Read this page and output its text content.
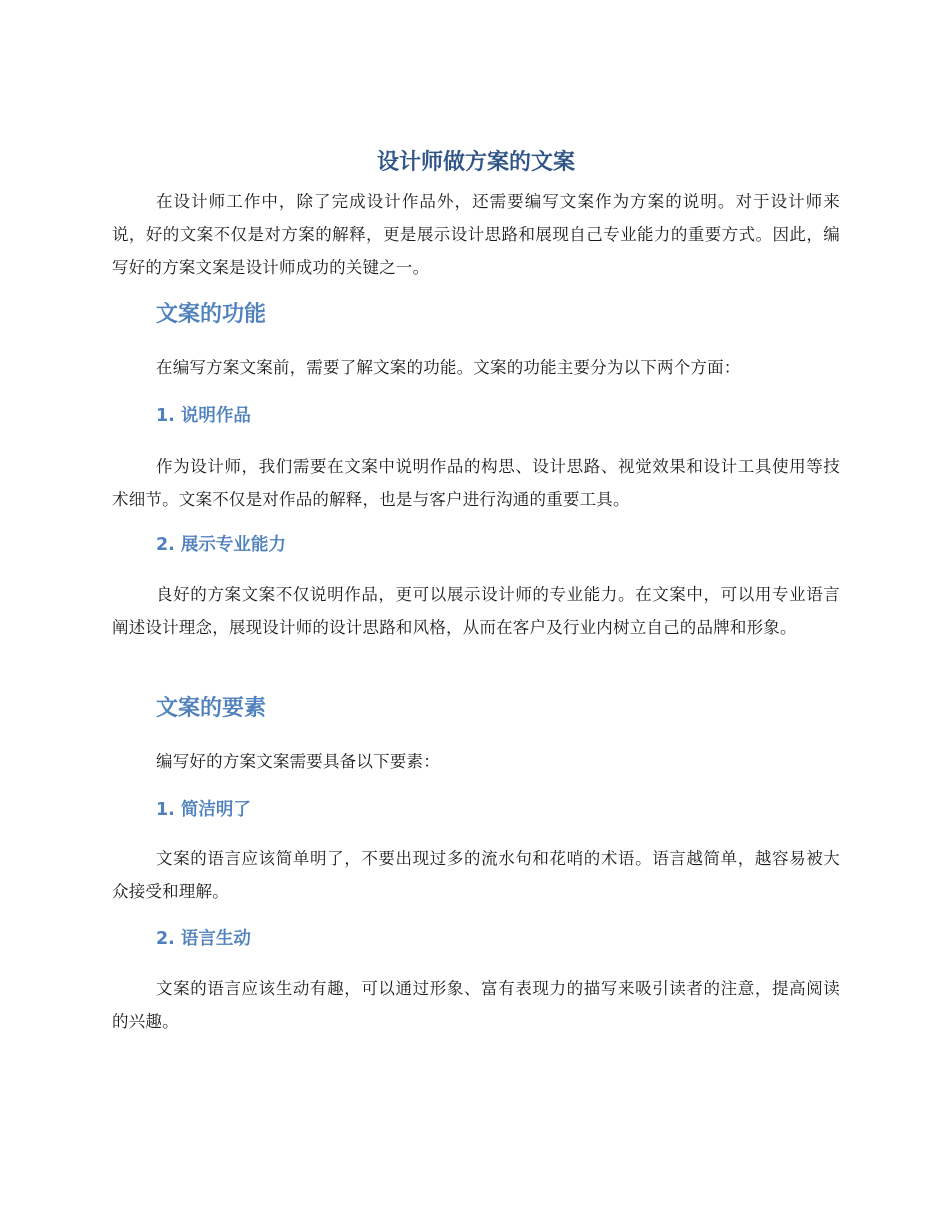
设计师做方案的文案

在设计师工作中，除了完成设计作品外，还需要编写文案作为方案的说明。对于设计师来说，好的文案不仅是对方案的解释，更是展示设计思路和展现自己专业能力的重要方式。因此，编写好的方案文案是设计师成功的关键之一。

文案的功能

在编写方案文案前，需要了解文案的功能。文案的功能主要分为以下两个方面：

1. 说明作品

作为设计师，我们需要在文案中说明作品的构思、设计思路、视觉效果和设计工具使用等技术细节。文案不仅是对作品的解释，也是与客户进行沟通的重要工具。

2. 展示专业能力

良好的方案文案不仅说明作品，更可以展示设计师的专业能力。在文案中，可以用专业语言阐述设计理念，展现设计师的设计思路和风格，从而在客户及行业内树立自己的品牌和形象。

文案的要素

编写好的方案文案需要具备以下要素：

1. 简洁明了

文案的语言应该简单明了，不要出现过多的流水句和花哨的术语。语言越简单，越容易被大众接受和理解。

2. 语言生动

文案的语言应该生动有趣，可以通过形象、富有表现力的描写来吸引读者的注意，提高阅读的兴趣。
